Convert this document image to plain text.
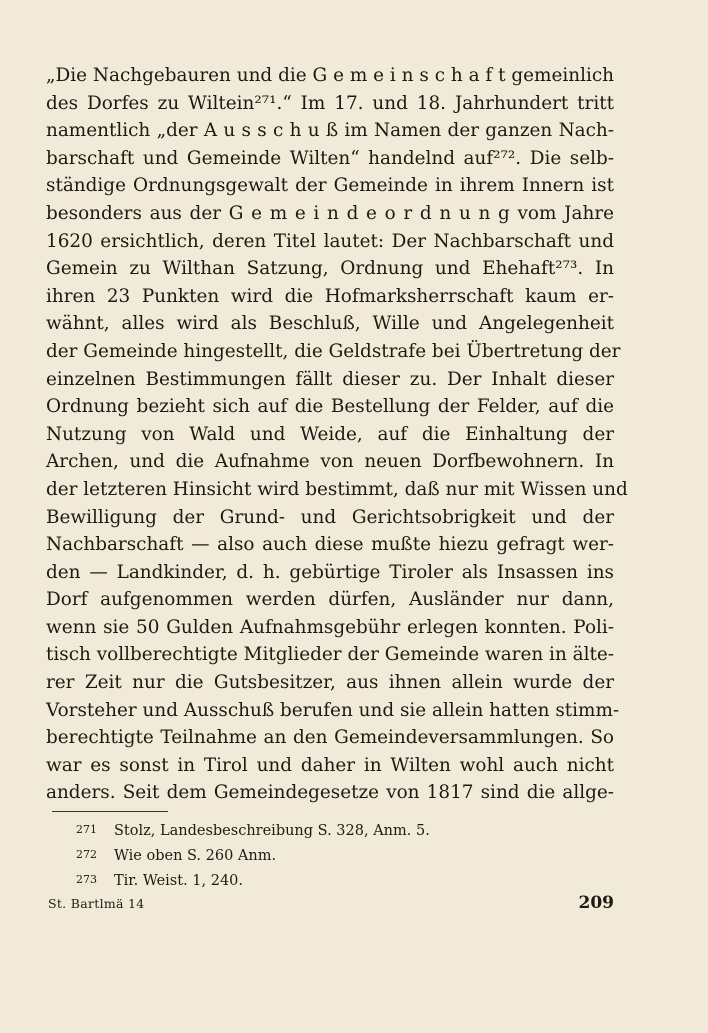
„Die Nachgebauren und die G e m e i n s c h a f t gemeinlich
des Dorfes zu Wiltein²⁷¹.“ Im 17. und 18. Jahrhundert tritt
namentlich „der A u s s c h u ß im Namen der ganzen Nach-
barschaft und Gemeinde Wilten“ handelnd auf²⁷². Die selb-
ständige Ordnungsgewalt der Gemeinde in ihrem Innern ist
besonders aus der G e m e i n d e o r d n u n g vom Jahre
1620 ersichtlich, deren Titel lautet: Der Nachbarschaft und
Gemein zu Wilthan Satzung, Ordnung und Ehehaft²⁷³. In
ihren 23 Punkten wird die Hofmarksherrschaft kaum er-
wähnt, alles wird als Beschluß, Wille und Angelegenheit
der Gemeinde hingestellt, die Geldstrafe bei Übertretung der
einzelnen Bestimmungen fällt dieser zu. Der Inhalt dieser
Ordnung bezieht sich auf die Bestellung der Felder, auf die
Nutzung von Wald und Weide, auf die Einhaltung der
Archen, und die Aufnahme von neuen Dorfbewohnern. In
der letzteren Hinsicht wird bestimmt, daß nur mit Wissen und
Bewilligung der Grund- und Gerichtsobrigkeit und der
Nachbarschaft — also auch diese mußte hiezu gefragt wer-
den — Landkinder, d. h. gebürtige Tiroler als Insassen ins
Dorf aufgenommen werden dürfen, Ausländer nur dann,
wenn sie 50 Gulden Aufnahmsgebühr erlegen konnten. Poli-
tisch vollberechtigte Mitglieder der Gemeinde waren in älte-
rer Zeit nur die Gutsbesitzer, aus ihnen allein wurde der
Vorsteher und Ausschuß berufen und sie allein hatten stimm-
berechtigte Teilnahme an den Gemeindeversammlungen. So
war es sonst in Tirol und daher in Wilten wohl auch nicht
anders. Seit dem Gemeindegesetze von 1817 sind die allge-
271 Stolz, Landesbeschreibung S. 328, Anm. 5.
272 Wie oben S. 260 Anm.
273 Tir. Weist. 1, 240.
St. Bartlmä 14	209
